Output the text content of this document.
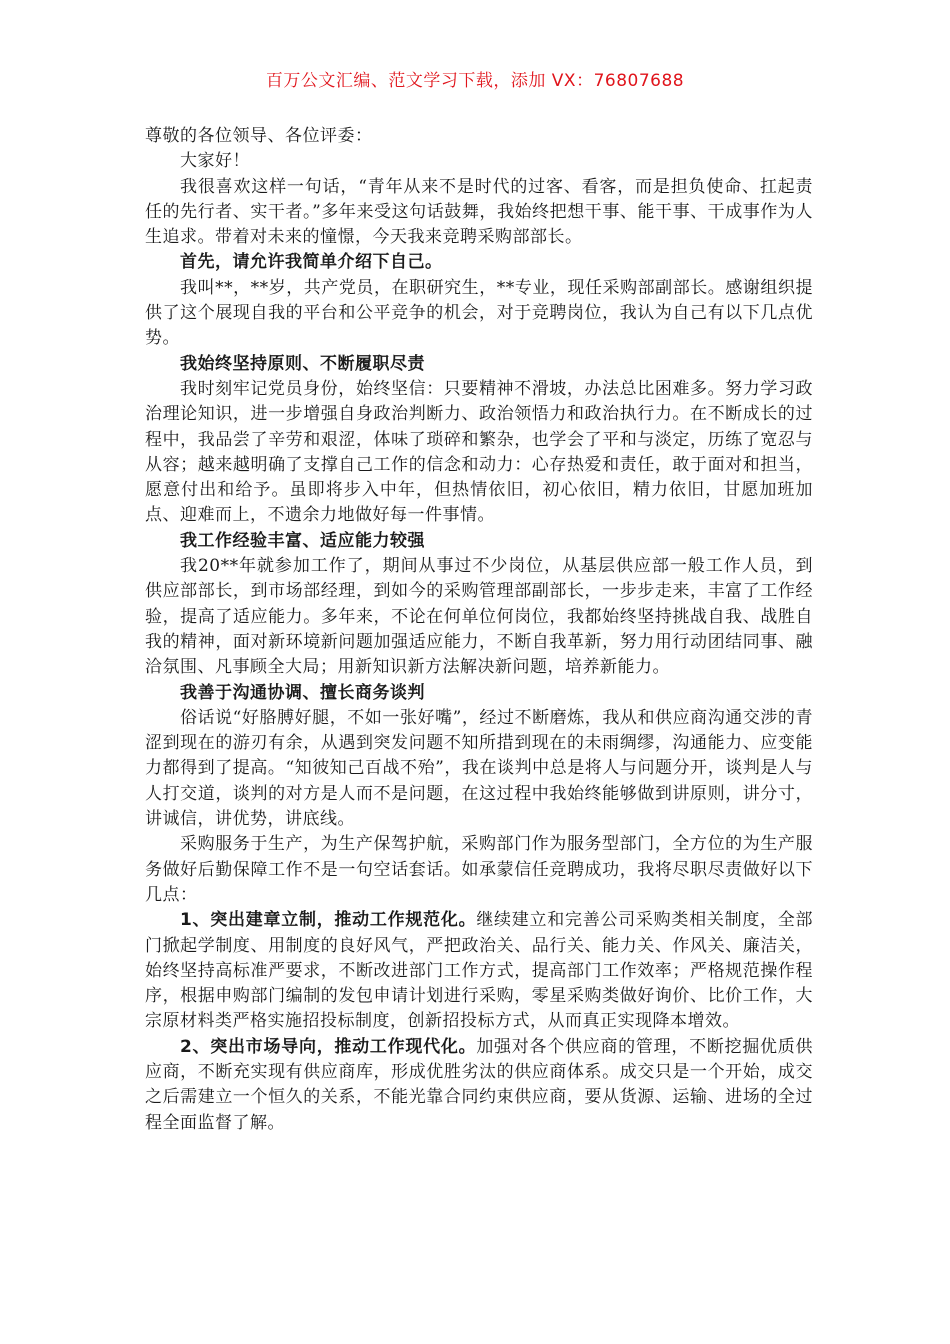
百万公文汇编、范文学习下载，添加 VX：76807688

尊敬的各位领导、各位评委：

大家好！

我很喜欢这样一句话，“青年从来不是时代的过客、看客，而是担负使命、扛起责任的先行者、实干者。”多年来受这句话鼓舞，我始终把想干事、能干事、干成事作为人生追求。带着对未来的憧憬，今天我来竞聘采购部部长。

首先，请允许我简单介绍下自己。

我叫**，**岁，共产党员，在职研究生，**专业，现任采购部副部长。感谢组织提供了这个展现自我的平台和公平竞争的机会，对于竞聘岗位，我认为自己有以下几点优势。

我始终坚持原则、不断履职尽责

我时刻牢记党员身份，始终坚信：只要精神不滑坡，办法总比困难多。努力学习政治理论知识，进一步增强自身政治判断力、政治领悟力和政治执行力。在不断成长的过程中，我品尝了辛劳和艰涩，体味了琐碎和繁杂，也学会了平和与淡定，历练了宽忍与从容；越来越明确了支撑自己工作的信念和动力：心存热爱和责任，敢于面对和担当，愿意付出和给予。虽即将步入中年，但热情依旧，初心依旧，精力依旧，甘愿加班加点、迎难而上，不遗余力地做好每一件事情。

我工作经验丰富、适应能力较强

我20**年就参加工作了，期间从事过不少岗位，从基层供应部一般工作人员，到供应部部长，到市场部经理，到如今的采购管理部副部长，一步步走来，丰富了工作经验，提高了适应能力。多年来，不论在何单位何岗位，我都始终坚持挑战自我、战胜自我的精神，面对新环境新问题加强适应能力，不断自我革新，努力用行动团结同事、融洽氛围、凡事顾全大局；用新知识新方法解决新问题，培养新能力。

我善于沟通协调、擅长商务谈判

俗话说“好胳膊好腿，不如一张好嘴”，经过不断磨炼，我从和供应商沟通交涉的青涩到现在的游刃有余，从遇到突发问题不知所措到现在的未雨绸缪，沟通能力、应变能力都得到了提高。“知彼知己百战不殆”，我在谈判中总是将人与问题分开，谈判是人与人打交道，谈判的对方是人而不是问题，在这过程中我始终能够做到讲原则，讲分寸，讲诚信，讲优势，讲底线。

采购服务于生产，为生产保驾护航，采购部门作为服务型部门，全方位的为生产服务做好后勤保障工作不是一句空话套话。如承蒙信任竞聘成功，我将尽职尽责做好以下几点：

1、突出建章立制，推动工作规范化。继续建立和完善公司采购类相关制度，全部门掀起学制度、用制度的良好风气，严把政治关、品行关、能力关、作风关、廉洁关，始终坚持高标准严要求，不断改进部门工作方式，提高部门工作效率；严格规范操作程序，根据申购部门编制的发包申请计划进行采购，零星采购类做好询价、比价工作，大宗原材料类严格实施招投标制度，创新招投标方式，从而真正实现降本增效。

2、突出市场导向，推动工作现代化。加强对各个供应商的管理，不断挖掘优质供应商，不断充实现有供应商库，形成优胜劣汰的供应商体系。成交只是一个开始，成交之后需建立一个恒久的关系，不能光靠合同约束供应商，要从货源、运输、进场的全过程全面监督了解。
